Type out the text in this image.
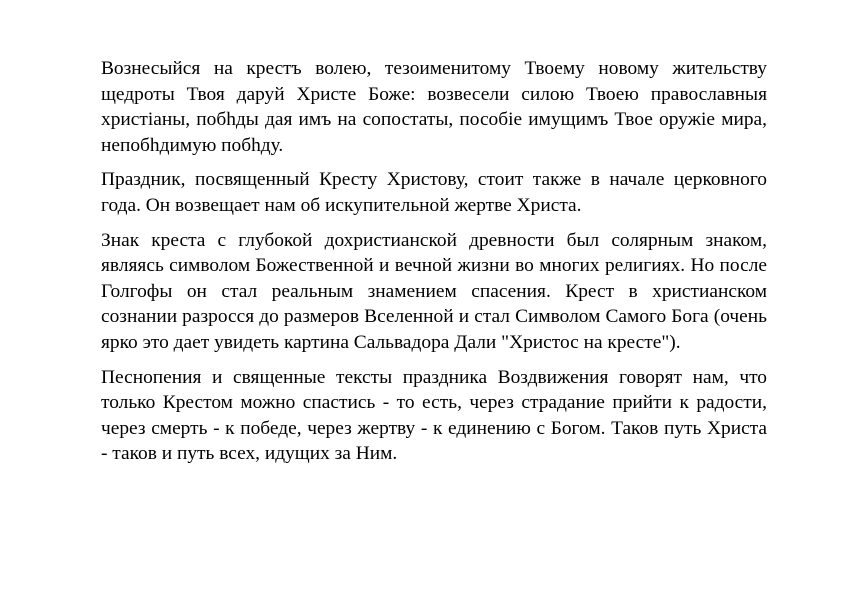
Вознесыйся на крестъ волею, тезоименитому Твоему новому жительству щедроты Твоя даруй Христе Боже: возвесели силою Твоею православныя христiаны, побhды дая имъ на сопостаты, пособiе имущимъ Твое оружiе мира, непобhдимую побhду.

Праздник, посвященный Кресту Христову, стоит также в начале церковного года. Он возвещает нам об искупительной жертве Христа.

Знак креста с глубокой дохристианской древности был солярным знаком, являясь символом Божественной и вечной жизни во многих религиях. Но после Голгофы он стал реальным знамением спасения. Крест в христианском сознании разросся до размеров Вселенной и стал Символом Самого Бога (очень ярко это дает увидеть картина Сальвадора Дали "Христос на кресте").

Песнопения и священные тексты праздника Воздвижения говорят нам, что только Крестом можно спастись - то есть, через страдание прийти к радости, через смерть - к победе, через жертву - к единению с Богом. Таков путь Христа - таков и путь всех, идущих за Ним.
